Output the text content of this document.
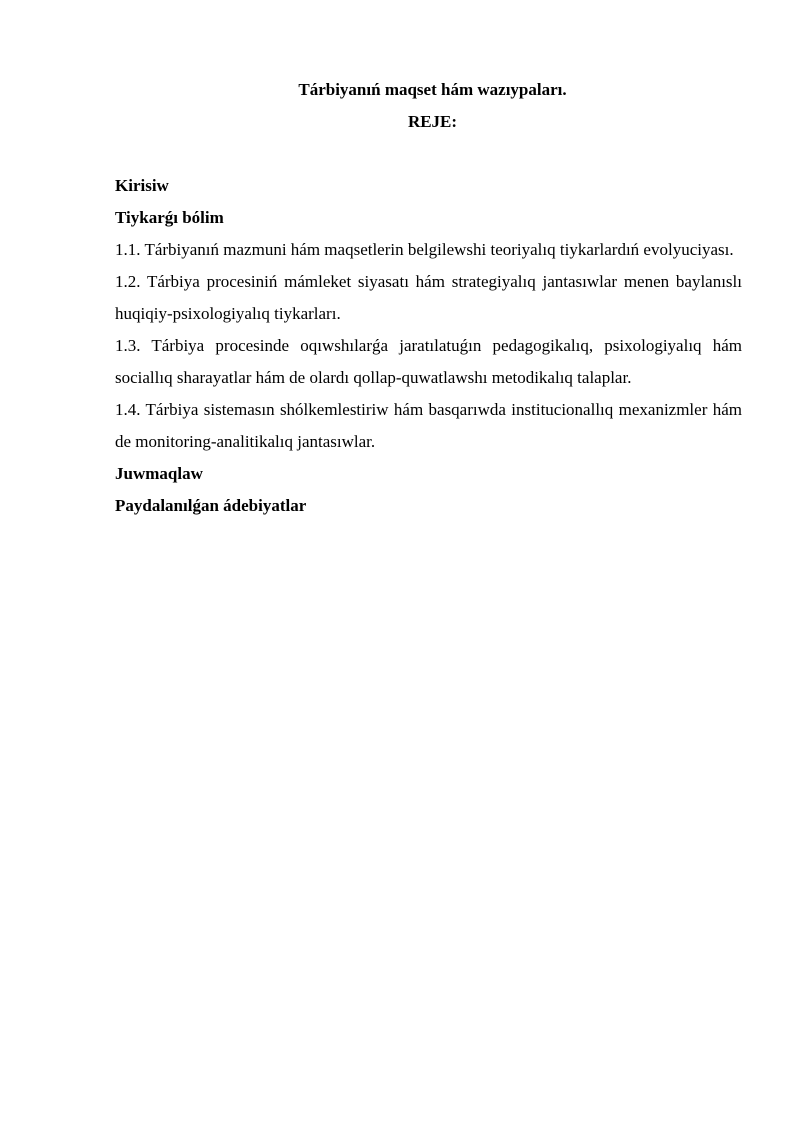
Tárbiyanıń maqset hám wazıypaları.

REJE:

Kirisiw

Tiykarǵı bólim

1.1. Tárbiyanıń mazmuni hám maqsetlerin belgilewshi teoriyalıq tiykarlardıń evolyuciyası.

1.2. Tárbiya procesiniń mámleket siyasatı hám strategiyalıq jantasıwlar menen baylanıslı huqiqiy-psixologiyalıq tiykarları.

1.3. Tárbiya procesinde oqıwshılarǵa jaratılatuǵın pedagogikalıq, psixologiyalıq hám sociallıq sharayatlar hám de olardı qollap-quwatlawshı metodikalıq talaplar.

1.4. Tárbiya sistemasın shólkemlestiriw hám basqarıwda institucionallıq mexanizmler hám de monitoring-analitikalıq jantasıwlar.

Juwmaqlaw

Paydalanılǵan ádebiyatlar
